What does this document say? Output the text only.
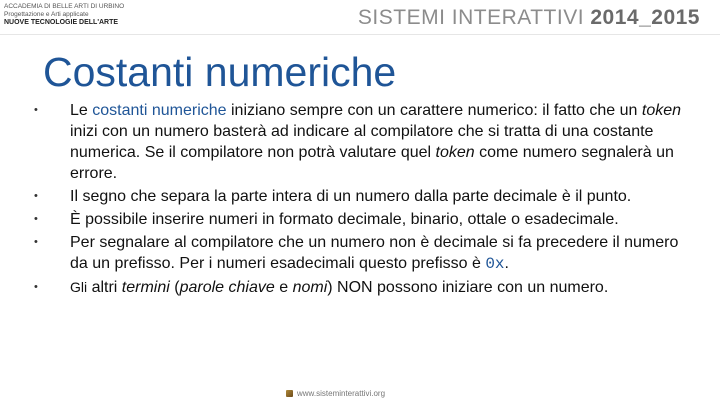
ACCADEMIA DI BELLE ARTI DI URBINO
Progettazione e Arti applicate
NUOVE TECNOLOGIE DELL'ARTE	SISTEMI INTERATTIVI 2014_2015
Costanti numeriche
• Le costanti numeriche iniziano sempre con un carattere numerico: il fatto che un token inizi con un numero basterà ad indicare al compilatore che si tratta di una costante numerica. Se il compilatore non potrà valutare quel token come numero segnalerà un errore.
• Il segno che separa la parte intera di un numero dalla parte decimale è il punto.
• È possibile inserire numeri in formato decimale, binario, ottale o esadecimale.
• Per segnalare al compilatore che un numero non è decimale si fa precedere il numero da un prefisso. Per i numeri esadecimali questo prefisso è 0x.
• Gli altri termini (parole chiave e nomi) NON possono iniziare con un numero.
www.sisteminterattivi.org
